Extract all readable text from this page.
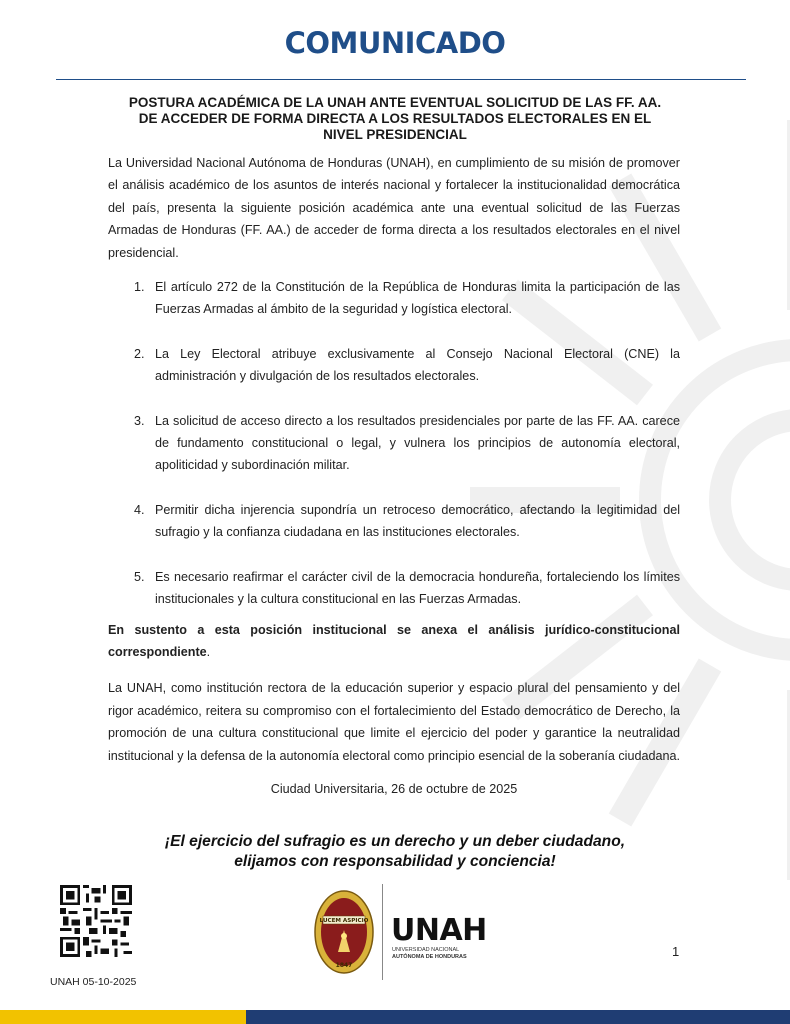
COMUNICADO
POSTURA ACADÉMICA DE LA UNAH ANTE EVENTUAL SOLICITUD DE LAS FF. AA.
DE ACCEDER DE FORMA DIRECTA A LOS RESULTADOS ELECTORALES EN EL
NIVEL PRESIDENCIAL

La Universidad Nacional Autónoma de Honduras (UNAH), en cumplimiento de su misión de promover el análisis académico de los asuntos de interés nacional y fortalecer la institucionalidad democrática del país, presenta la siguiente posición académica ante una eventual solicitud de las Fuerzas Armadas de Honduras (FF. AA.) de acceder de forma directa a los resultados electorales en el nivel presidencial.

1. El artículo 272 de la Constitución de la República de Honduras limita la participación de las Fuerzas Armadas al ámbito de la seguridad y logística electoral.
2. La Ley Electoral atribuye exclusivamente al Consejo Nacional Electoral (CNE) la administración y divulgación de los resultados electorales.
3. La solicitud de acceso directo a los resultados presidenciales por parte de las FF. AA. carece de fundamento constitucional o legal, y vulnera los principios de autonomía electoral, apoliticidad y subordinación militar.
4. Permitir dicha injerencia supondría un retroceso democrático, afectando la legitimidad del sufragio y la confianza ciudadana en las instituciones electorales.
5. Es necesario reafirmar el carácter civil de la democracia hondureña, fortaleciendo los límites institucionales y la cultura constitucional en las Fuerzas Armadas.

En sustento a esta posición institucional se anexa el análisis jurídico-constitucional correspondiente.

La UNAH, como institución rectora de la educación superior y espacio plural del pensamiento y del rigor académico, reitera su compromiso con el fortalecimiento del Estado democrático de Derecho, la promoción de una cultura constitucional que limite el ejercicio del poder y garantice la neutralidad institucional y la defensa de la autonomía electoral como principio esencial de la soberanía ciudadana.

Ciudad Universitaria, 26 de octubre de 2025
¡El ejercicio del sufragio es un derecho y un deber ciudadano,
elijamos con responsabilidad y conciencia!
UNAH 05-10-2025
LUCEM ASPICIO
1847
UNAH
UNIVERSIDAD NACIONAL
AUTÓNOMA DE HONDURAS	1
